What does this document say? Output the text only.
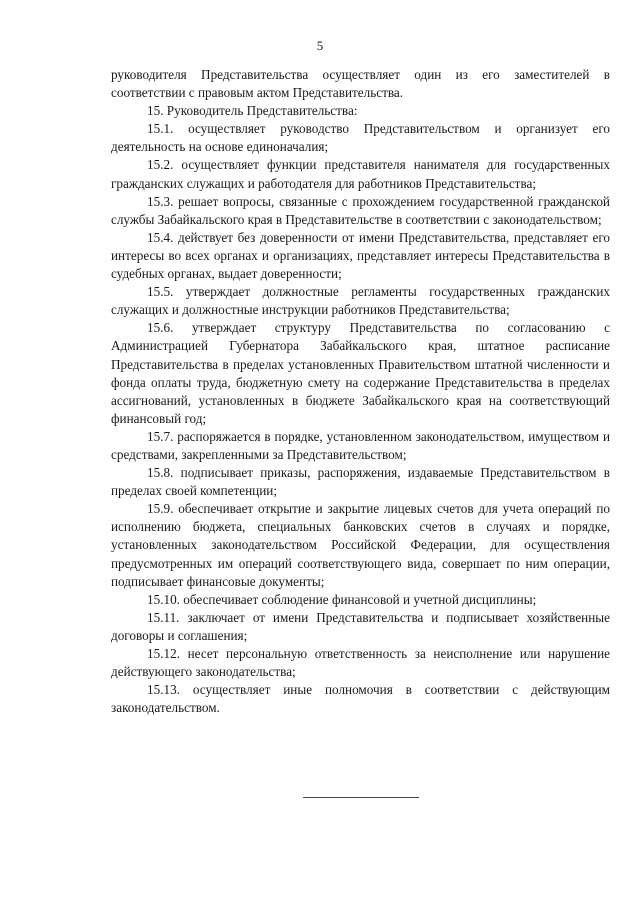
5

руководителя Представительства осуществляет один из его заместителей в соответствии с правовым актом Представительства.

15. Руководитель Представительства:

15.1. осуществляет руководство Представительством и организует его деятельность на основе единоначалия;

15.2. осуществляет функции представителя нанимателя для государственных гражданских служащих и работодателя для работников Представительства;

15.3. решает вопросы, связанные с прохождением государственной гражданской службы Забайкальского края в Представительстве в соответствии с законодательством;

15.4. действует без доверенности от имени Представительства, представляет его интересы во всех органах и организациях, представляет интересы Представительства в судебных органах, выдает доверенности;

15.5. утверждает должностные регламенты государственных гражданских служащих и должностные инструкции работников Представительства;

15.6. утверждает структуру Представительства по согласованию с Администрацией Губернатора Забайкальского края, штатное расписание Представительства в пределах установленных Правительством штатной численности и фонда оплаты труда, бюджетную смету на содержание Представительства в пределах ассигнований, установленных в бюджете Забайкальского края на соответствующий финансовый год;

15.7. распоряжается в порядке, установленном законодательством, имуществом и средствами, закрепленными за Представительством;

15.8. подписывает приказы, распоряжения, издаваемые Представительством в пределах своей компетенции;

15.9. обеспечивает открытие и закрытие лицевых счетов для учета операций по исполнению бюджета, специальных банковских счетов в случаях и порядке, установленных законодательством Российской Федерации, для осуществления предусмотренных им операций соответствующего вида, совершает по ним операции, подписывает финансовые документы;

15.10. обеспечивает соблюдение финансовой и учетной дисциплины;

15.11. заключает от имени Представительства и подписывает хозяйственные договоры и соглашения;

15.12. несет персональную ответственность за неисполнение или нарушение действующего законодательства;

15.13. осуществляет иные полномочия в соответствии с действующим законодательством.
